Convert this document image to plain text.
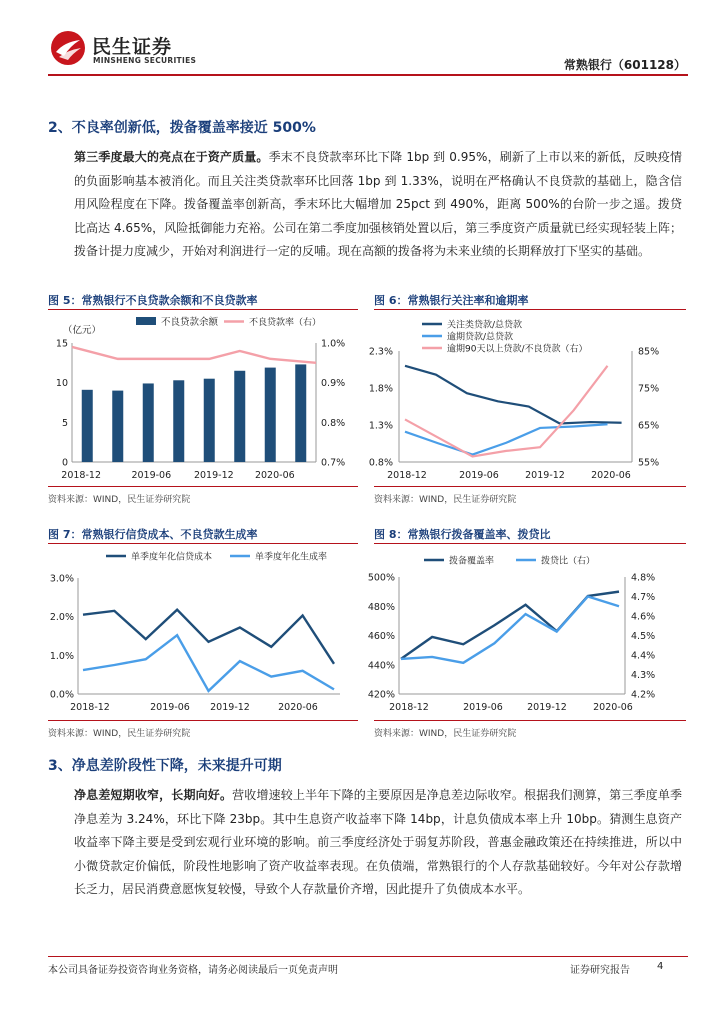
民生证券
MINSHENG SECURITIES	常熟银行（601128）
2、不良率创新低，拨备覆盖率接近 500%
第三季度最大的亮点在于资产质量。季末不良贷款率环比下降 1bp 到 0.95%，刷新了上市以来的新低，反映疫情的负面影响基本被消化。而且关注类贷款率环比回落 1bp 到 1.33%，说明在严格确认不良贷款的基础上，隐含信用风险程度在下降。拨备覆盖率创新高，季末环比大幅增加 25pct 到 490%，距离 500%的台阶一步之遥。拨贷比高达 4.65%，风险抵御能力充裕。公司在第二季度加强核销处置以后，第三季度资产质量就已经实现轻装上阵；拨备计提力度减少，开始对利润进行一定的反哺。现在高额的拨备将为未来业绩的长期释放打下坚实的基础。
图 5：常熟银行不良贷款余额和不良贷款率
（亿元）
15
10
5
0
1.0%
0.9%
0.8%
0.7%
2018-12	2019-06 2019-12 2020-06
不良贷款余额	不良贷款率（右）
资料来源：WIND，民生证券研究院
图 6：常熟银行关注率和逾期率
2.3%
1.8%
1.3%
0.8%
85%
75%
65%
55%
2018-12	2019-06	2019-12	2020-06
关注类贷款/总贷款
逾期贷款/总贷款
逾期90天以上贷款/不良贷款（右）
资料来源：WIND，民生证券研究院
图 7：常熟银行信贷成本、不良贷款生成率
3.0%
2.0%
1.0%
0.0%
2018-12	2019-06 2019-12	2020-06
单季度年化信贷成本	单季度年化生成率
资料来源：WIND，民生证券研究院
图 8：常熟银行拨备覆盖率、拨贷比
500%
480%
460%
440%
420%
4.8%
4.7%
4.6%
4.5%
4.4%
4.3%
4.2%
2018-12	2019-06	2019-12	2020-06
拨备覆盖率	拨贷比（右）
资料来源：WIND，民生证券研究院
3、净息差阶段性下降，未来提升可期
净息差短期收窄，长期向好。营收增速较上半年下降的主要原因是净息差边际收窄。根据我们测算，第三季度单季净息差为 3.24%，环比下降 23bp。其中生息资产收益率下降 14bp，计息负债成本率上升 10bp。猜测生息资产收益率下降主要是受到宏观行业环境的影响。前三季度经济处于弱复苏阶段，普惠金融政策还在持续推进，所以中小微贷款定价偏低，阶段性地影响了资产收益率表现。在负债端，常熟银行的个人存款基础较好。今年对公存款增长乏力，居民消费意愿恢复较慢，导致个人存款量价齐增，因此提升了负债成本水平。
本公司具备证券投资咨询业务资格，请务必阅读最后一页免责声明	证券研究报告	4
